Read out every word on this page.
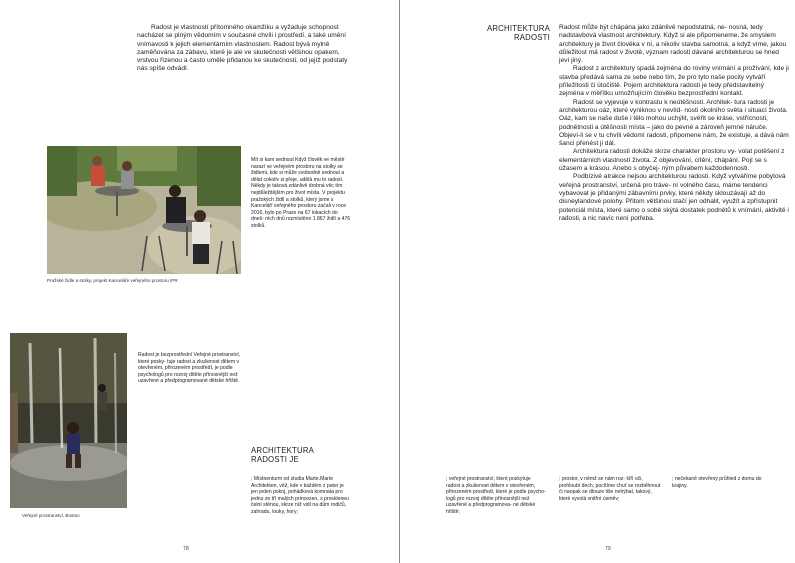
Radost je vlastností přítomného okamžiku a vyžaduje schopnost nacházet se plným vědomím v současné chvíli i prostředí, a také umění vnímavosti k jejich elementárním vlastnostem. Radost bývá mylně zaměňována za zábavu, které je ale ve skutečnosti většinou opakem, vrstvou řízenou a často uměle přidanou ke skutečnosti, od jejíž podstaty nás spíše odvádí.

Pražské židle a stolky, projekt Kanceláře veřejného prostoru IPR
Mít si kam sednout Když člověk ve městě narazí ve veřejném prostoru na stolky se židlemi, kde si může svobodně sednout a dělat cokoliv si přeje, udělá mu to radost. Někdy je taková zdánlivě drobná věc tím nejdůležitějším pro život místa. V projektu pražských židlí a stolků, který jsme s Kanceláří veřejného prostoru začali v roce 2016, bylo po Praze na 67 lokacích do dneš- ních dnů rozmístěno 1 867 židlí a 476 stolků.
Veřejné prostranství, Boston
Radost je bezprostřední Veřejné prostranství, které posky- tuje radost a zkušenost dětem v otevřeném, přirozeném prostředí, je podle psychologů pro rozvoj dítěte přínosnější než uzavřené a předprogramované dětské hřiště.
ARCHITEKTURA
RADOSTI JE
; Místnenturm od studia Marte.Marte Architekten, věž, kde v každém z pater je jen jeden pokoj, pohádková komnata pro jednu ze tří malých princezen, s proskleneu čelní stěnou, skrze níž vidí na dům rodičů, zahradu, louky, hory;
78
ARCHITEKTURA
RADOSTI

Radost může být chápána jako zdánlivě nepodstatná, ne- nosná, tedy nadstavbová vlastnost architektury. Když si ale připomeneme, že smyslem architektury je život člověka v ní, a nikoliv stavba samotná, a když víme, jakou důležitost má radost v životě, význam radosti dávané architekturou se hned jeví jiný.

Radost z architektury spadá zejména do roviny vnímání a prožívání, kde ji stavba předává sama ze sebe nebo tím, že pro tyto naše pocity vytváří příležitosti či útočiště. Pojem architektura radosti je tedy představitelný zejména v měřítku umožňujícím člověku bezprostřední kontakt.

Radost se vyjevuje v kontrastu k neútěšnosti. Architek- tura radosti je architekturou oáz, které vyniknou v nevlíd- nosti okolního světa i situací života. Oáz, kam se naše duše i tělo mohou uchýlit, svěřit se kráse, vstřícnosti, podnětnosti a útěšnosti místa – jako do pevné a zároveň jemné náruče. Objeví-li se v tu chvíli vědomí radosti, připomene nám, že existuje, a dává nám šanci přenést ji dál.

Architektura radosti dokáže skrze charakter prostoru vy- volat potěšení z elementárních vlastností života. Z objevování, cítění, chápání. Pojí se s úžasem a krásou. Anebo s obyčej- ným půvabem každodennosti.

Podbízivé atrakce nejsou architekturou radosti. Když vytváříme pobytová veřejná prostranství, určená pro tráve- ní volného času, máme tendenci vybavovat je přidanými zábavními prvky, které někdy sklouzávají až do disneylandové polohy. Přitom většinou stačí jen odhalit, využít a zpřístupnit potenciál místa, které samo o sobě skýtá dostatek podnětů k vnímání, aktivitě i radosti, a nic navíc není potřeba.

; veřejné prostranství, které poskytuje radost a zkušenost dětem v otevřeném, přirozeném prostředí, které je podle psycho- logů pro rozvoj dítěte přínosnější než uzavřené a předprogramova- né dětské hřiště;
; prostor, v němž se nám roz- šíří oči, prohloubí dech, pocítíme chuť se rozběhnout či naopak se dlouze tiše nehýbat, takový, které vyvolá vnitřní úsměv;
; nečekaně otevřený průhled z domu do krajiny.
79
